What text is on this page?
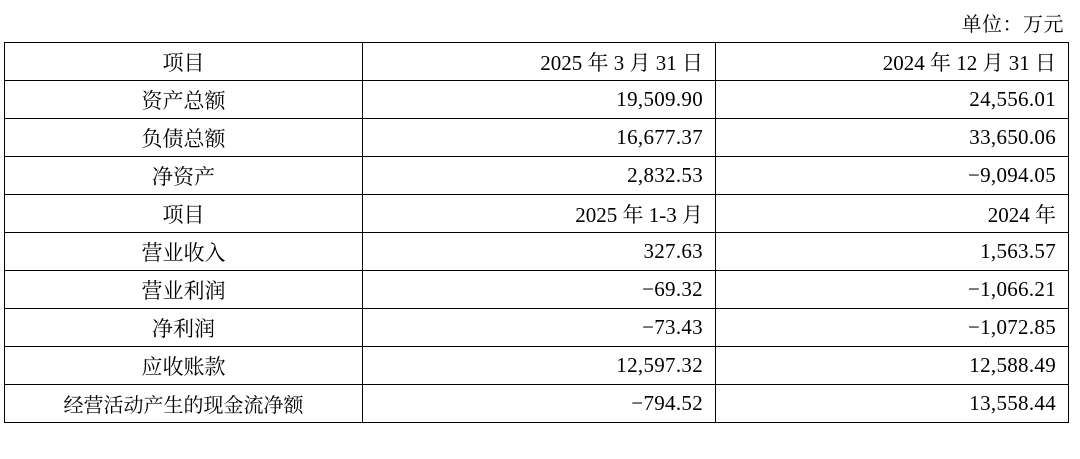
单位：万元
项目	2025 年 3 月 31 日	2024 年 12 月 31 日
资产总额	19,509.90	24,556.01
负债总额	16,677.37	33,650.06
净资产	2,832.53	−9,094.05
项目	2025 年 1-3 月	2024 年
营业收入	327.63	1,563.57
营业利润	−69.32	−1,066.21
净利润	−73.43	−1,072.85
应收账款	12,597.32	12,588.49
经营活动产生的现金流净额	−794.52	13,558.44
